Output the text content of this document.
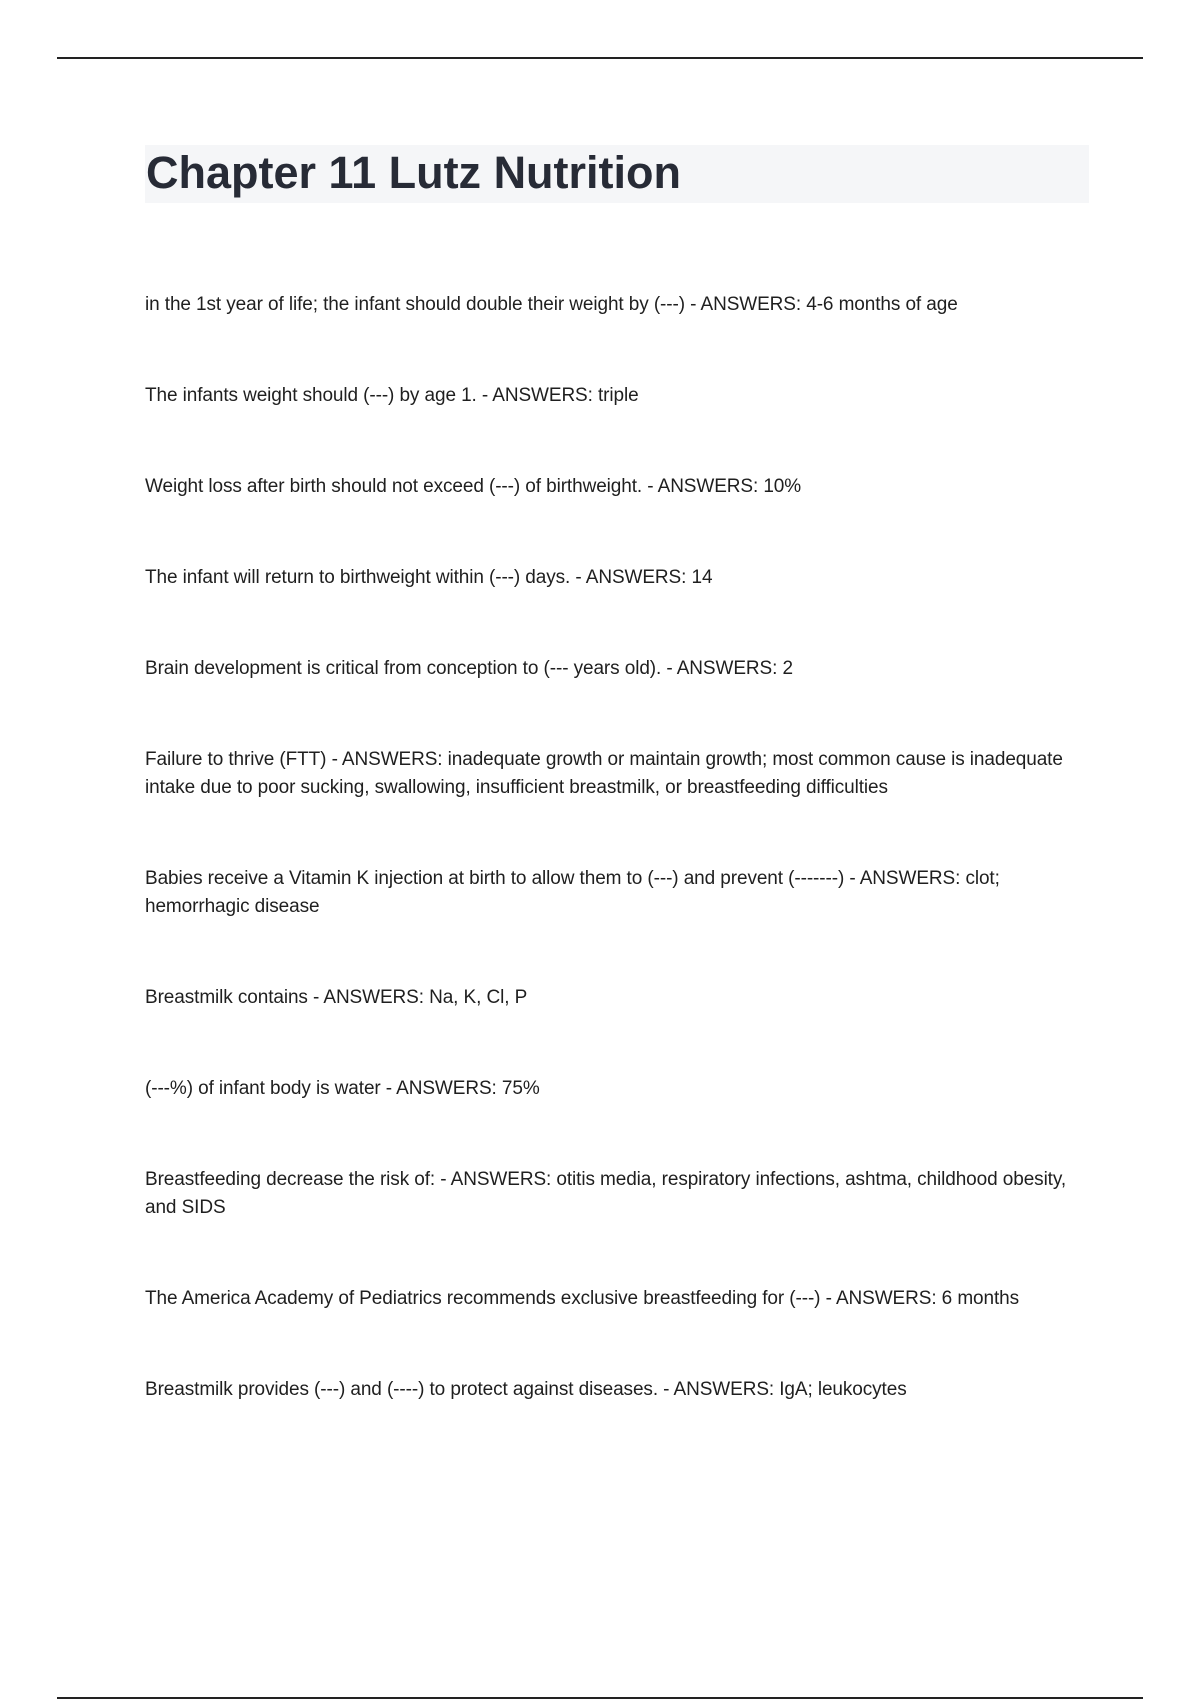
Chapter 11 Lutz Nutrition
in the 1st year of life; the infant should double their weight by (---) - ANSWERS: 4-6 months of age
The infants weight should (---) by age 1. - ANSWERS: triple
Weight loss after birth should not exceed (---) of birthweight. - ANSWERS: 10%
The infant will return to birthweight within (---) days. - ANSWERS: 14
Brain development is critical from conception to (--- years old). - ANSWERS: 2
Failure to thrive (FTT) - ANSWERS: inadequate growth or maintain growth; most common cause is inadequate intake due to poor sucking, swallowing, insufficient breastmilk, or breastfeeding difficulties
Babies receive a Vitamin K injection at birth to allow them to (---) and prevent (-------) - ANSWERS: clot; hemorrhagic disease
Breastmilk contains - ANSWERS: Na, K, Cl, P
(---%) of infant body is water - ANSWERS: 75%
Breastfeeding decrease the risk of: - ANSWERS: otitis media, respiratory infections, ashtma, childhood obesity, and SIDS
The America Academy of Pediatrics recommends exclusive breastfeeding for (---) - ANSWERS: 6 months
Breastmilk provides (---) and (----) to protect against diseases. - ANSWERS: IgA; leukocytes
